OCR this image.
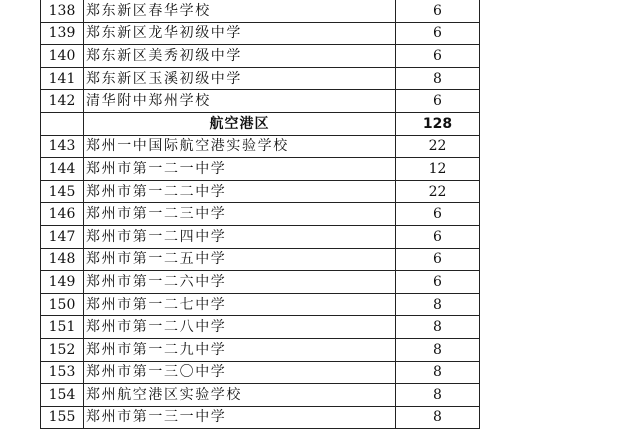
138	郑东新区春华学校	6
139	郑东新区龙华初级中学	6
140	郑东新区美秀初级中学	6
141	郑东新区玉溪初级中学	8
142	清华附中郑州学校	6
	航空港区	128
143	郑州一中国际航空港实验学校	22
144	郑州市第一二一中学	12
145	郑州市第一二二中学	22
146	郑州市第一二三中学	6
147	郑州市第一二四中学	6
148	郑州市第一二五中学	6
149	郑州市第一二六中学	6
150	郑州市第一二七中学	8
151	郑州市第一二八中学	8
152	郑州市第一二九中学	8
153	郑州市第一三〇中学	8
154	郑州航空港区实验学校	8
155	郑州市第一三一中学	8
